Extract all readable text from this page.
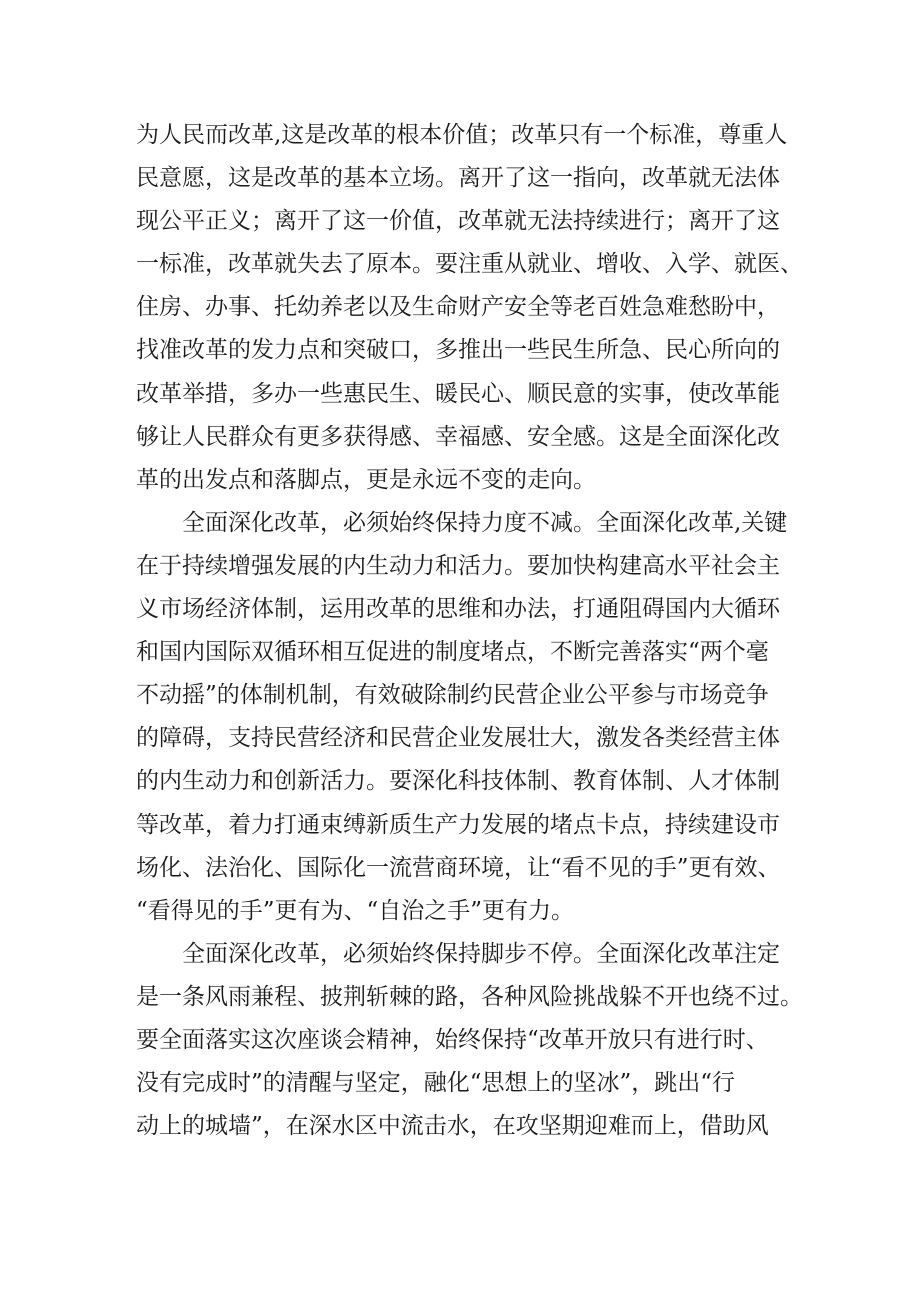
为人民而改革,这是改革的根本价值；改革只有一个标准，尊重人
民意愿，这是改革的基本立场。离开了这一指向，改革就无法体
现公平正义；离开了这一价值，改革就无法持续进行；离开了这
一标准，改革就失去了原本。要注重从就业、增收、入学、就医、
住房、办事、托幼养老以及生命财产安全等老百姓急难愁盼中，
找准改革的发力点和突破口，多推出一些民生所急、民心所向的
改革举措，多办一些惠民生、暖民心、顺民意的实事，使改革能
够让人民群众有更多获得感、幸福感、安全感。这是全面深化改
革的出发点和落脚点，更是永远不变的走向。
　　全面深化改革，必须始终保持力度不减。全面深化改革,关键
在于持续增强发展的内生动力和活力。要加快构建高水平社会主
义市场经济体制，运用改革的思维和办法，打通阻碍国内大循环
和国内国际双循环相互促进的制度堵点，不断完善落实“两个毫
不动摇”的体制机制，有效破除制约民营企业公平参与市场竞争
的障碍，支持民营经济和民营企业发展壮大，激发各类经营主体
的内生动力和创新活力。要深化科技体制、教育体制、人才体制
等改革，着力打通束缚新质生产力发展的堵点卡点，持续建设市
场化、法治化、国际化一流营商环境，让“看不见的手”更有效、
“看得见的手”更有为、“自治之手”更有力。
　　全面深化改革，必须始终保持脚步不停。全面深化改革注定
是一条风雨兼程、披荆斩棘的路，各种风险挑战躲不开也绕不过。
要全面落实这次座谈会精神，始终保持“改革开放只有进行时、
没有完成时”的清醒与坚定，融化“思想上的坚冰”，跳出“行
动上的城墙”，在深水区中流击水，在攻坚期迎难而上，借助风
